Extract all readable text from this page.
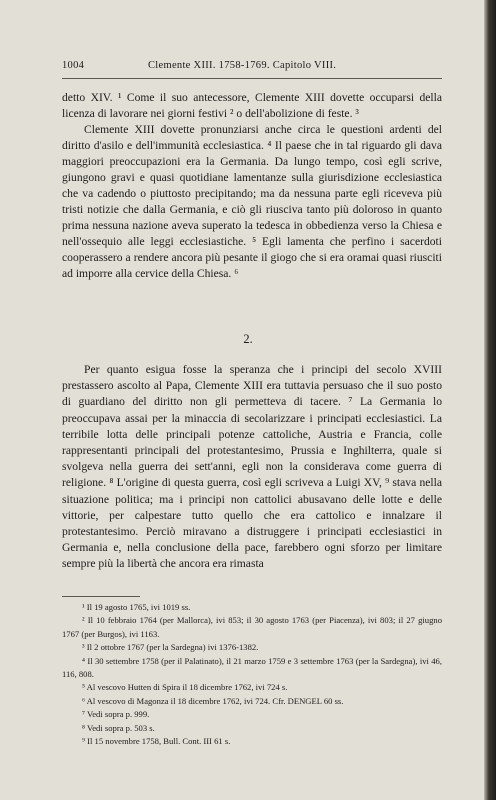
1004	Clemente XIII. 1758-1769. Capitolo VIII.

detto XIV. ¹ Come il suo antecessore, Clemente XIII dovette occuparsi della licenza di lavorare nei giorni festivi ² o dell'abolizione di feste. ³

Clemente XIII dovette pronunziarsi anche circa le questioni ardenti del diritto d'asilo e dell'immunità ecclesiastica. ⁴ Il paese che in tal riguardo gli dava maggiori preoccupazioni era la Germania. Da lungo tempo, così egli scrive, giungono gravi e quasi quotidiane lamentanze sulla giurisdizione ecclesiastica che va cadendo o piuttosto precipitando; ma da nessuna parte egli riceveva più tristi notizie che dalla Germania, e ciò gli riusciva tanto più doloroso in quanto prima nessuna nazione aveva superato la tedesca in obbedienza verso la Chiesa e nell'ossequio alle leggi ecclesiastiche. ⁵ Egli lamenta che perfino i sacerdoti cooperassero a rendere ancora più pesante il giogo che si era oramai quasi riusciti ad imporre alla cervice della Chiesa. ⁶

2.

Per quanto esigua fosse la speranza che i principi del secolo XVIII prestassero ascolto al Papa, Clemente XIII era tuttavia persuaso che il suo posto di guardiano del diritto non gli permetteva di tacere. ⁷ La Germania lo preoccupava assai per la minaccia di secolarizzare i principati ecclesiastici. La terribile lotta delle principali potenze cattoliche, Austria e Francia, colle rappresentanti principali del protestantesimo, Prussia e Inghilterra, quale si svolgeva nella guerra dei sett'anni, egli non la considerava come guerra di religione. ⁸ L'origine di questa guerra, così egli scriveva a Luigi XV, ⁹ stava nella situazione politica; ma i principi non cattolici abusavano delle lotte e delle vittorie, per calpestare tutto quello che era cattolico e innalzare il protestantesimo. Perciò miravano a distruggere i principati ecclesiastici in Germania e, nella conclusione della pace, farebbero ogni sforzo per limitare sempre più la libertà che ancora era rimasta

¹ Il 19 agosto 1765, ivi 1019 ss.
² Il 10 febbraio 1764 (per Mallorca), ivi 853; il 30 agosto 1763 (per Piacenza), ivi 803; il 27 giugno 1767 (per Burgos), ivi 1163.
³ Il 2 ottobre 1767 (per la Sardegna) ivi 1376-1382.
⁴ Il 30 settembre 1758 (per il Palatinato), il 21 marzo 1759 e 3 settembre 1763 (per la Sardegna), ivi 46, 116, 808.
⁵ Al vescovo Hutten di Spira il 18 dicembre 1762, ivi 724 s.
⁶ Al vescovo di Magonza il 18 dicembre 1762, ivi 724. Cfr. DENGEL 60 ss.
⁷ Vedi sopra p. 999.
⁸ Vedi sopra p. 503 s.
⁹ Il 15 novembre 1758, Bull. Cont. III 61 s.
